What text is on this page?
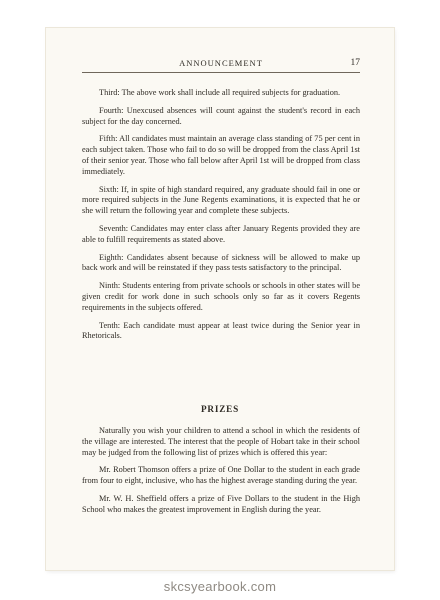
ANNOUNCEMENT	17

Third: The above work shall include all required subjects for graduation.

Fourth: Unexcused absences will count against the student's record in each subject for the day concerned.

Fifth: All candidates must maintain an average class standing of 75 per cent in each subject taken. Those who fail to do so will be dropped from the class April 1st of their senior year. Those who fall below after April 1st will be dropped from class immediately.

Sixth: If, in spite of high standard required, any graduate should fail in one or more required subjects in the June Regents examinations, it is expected that he or she will return the following year and complete these subjects.

Seventh: Candidates may enter class after January Regents provided they are able to fulfill requirements as stated above.

Eighth: Candidates absent because of sickness will be allowed to make up back work and will be reinstated if they pass tests satisfactory to the principal.

Ninth: Students entering from private schools or schools in other states will be given credit for work done in such schools only so far as it covers Regents requirements in the subjects offered.

Tenth: Each candidate must appear at least twice during the Senior year in Rhetoricals.

PRIZES

Naturally you wish your children to attend a school in which the residents of the village are interested. The interest that the people of Hobart take in their school may be judged from the following list of prizes which is offered this year:

Mr. Robert Thomson offers a prize of One Dollar to the student in each grade from four to eight, inclusive, who has the highest average standing during the year.

Mr. W. H. Sheffield offers a prize of Five Dollars to the student in the High School who makes the greatest improvement in English during the year.

skcsyearbook.com
